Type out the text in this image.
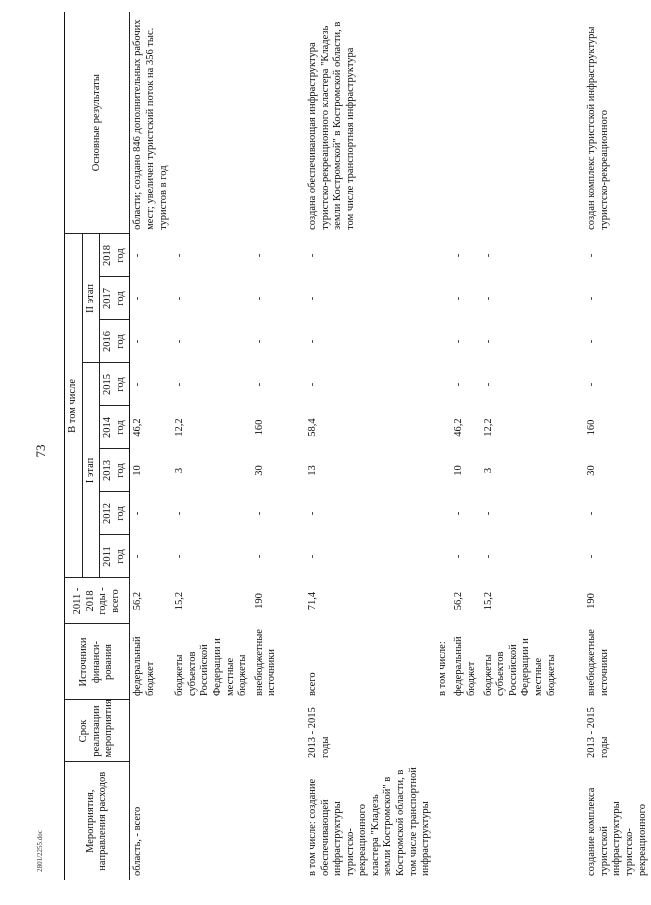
73
2801/2255.doc	Мероприятия, направления расходов	Срок реализации мероприятия	Источники финанси-рования	2011 - 2018 годы - всего	В том числе								Основные результаты
				I этап					II этап			
				2011 год	2012 год	2013 год	2014 год	2015 год	2016 год	2017 год	2018 год	
область, - всего		федеральный бюджет	56,2	-	-	10	46,2	-	-	-	-	области; создано 846 дополнительных рабочих мест; увеличен туристский поток на 356 тыс. туристов в год
		бюджеты субъектов Российской Федерации и местные бюджеты	15,2	-	-	3	12,2	-	-	-	-	
		внебюджетные источники	190	-	-	30	160	-	-	-	-	

в том числе: создание обеспечивающей инфраструктуры туристско-рекреационного кластера "Кладезь земли Костромской" в Костромской области, в том числе транспортной инфраструктуры	2013 - 2015 годы	всего	71,4	-	-	13	58,4	-	-	-	-	создана обеспечивающая инфраструктура туристско-рекреационного кластера "Кладезь земли Костромской" в Костромской области, в том числе транспортная инфраструктура
		в том числе:										
		федеральный бюджет	56,2	-	-	10	46,2	-	-	-	-	
		бюджеты субъектов Российской Федерации и местные бюджеты	15,2	-	-	3	12,2	-	-	-	-	

создание комплекса туристской инфраструктуры туристско-рекреационного	2013 - 2015 годы	внебюджетные источники	190	-	-	30	160	-	-	-	-	создан комплекс туристской инфраструктуры туристско-рекреационного
